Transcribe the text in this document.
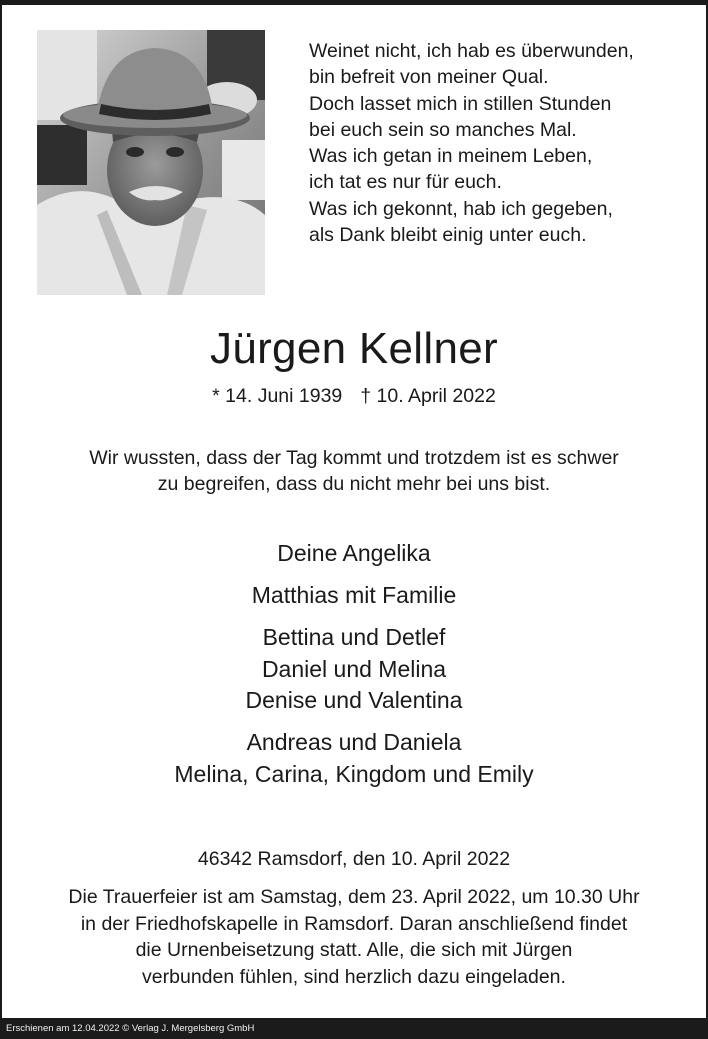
Weinet nicht, ich hab es überwunden,
bin befreit von meiner Qual.
Doch lasset mich in stillen Stunden
bei euch sein so manches Mal.
Was ich getan in meinem Leben,
ich tat es nur für euch.
Was ich gekonnt, hab ich gegeben,
als Dank bleibt einig unter euch.
Jürgen Kellner
* 14. Juni 1939 † 10. April 2022
Wir wussten, dass der Tag kommt und trotzdem ist es schwer
zu begreifen, dass du nicht mehr bei uns bist.
Deine Angelika
Matthias mit Familie
Bettina und Detlef
Daniel und Melina
Denise und Valentina
Andreas und Daniela
Melina, Carina, Kingdom und Emily
46342 Ramsdorf, den 10. April 2022
Die Trauerfeier ist am Samstag, dem 23. April 2022, um 10.30 Uhr
in der Friedhofskapelle in Ramsdorf. Daran anschließend findet
die Urnenbeisetzung statt. Alle, die sich mit Jürgen
verbunden fühlen, sind herzlich dazu eingeladen.
Erschienen am 12.04.2022 © Verlag J. Mergelsberg GmbH
